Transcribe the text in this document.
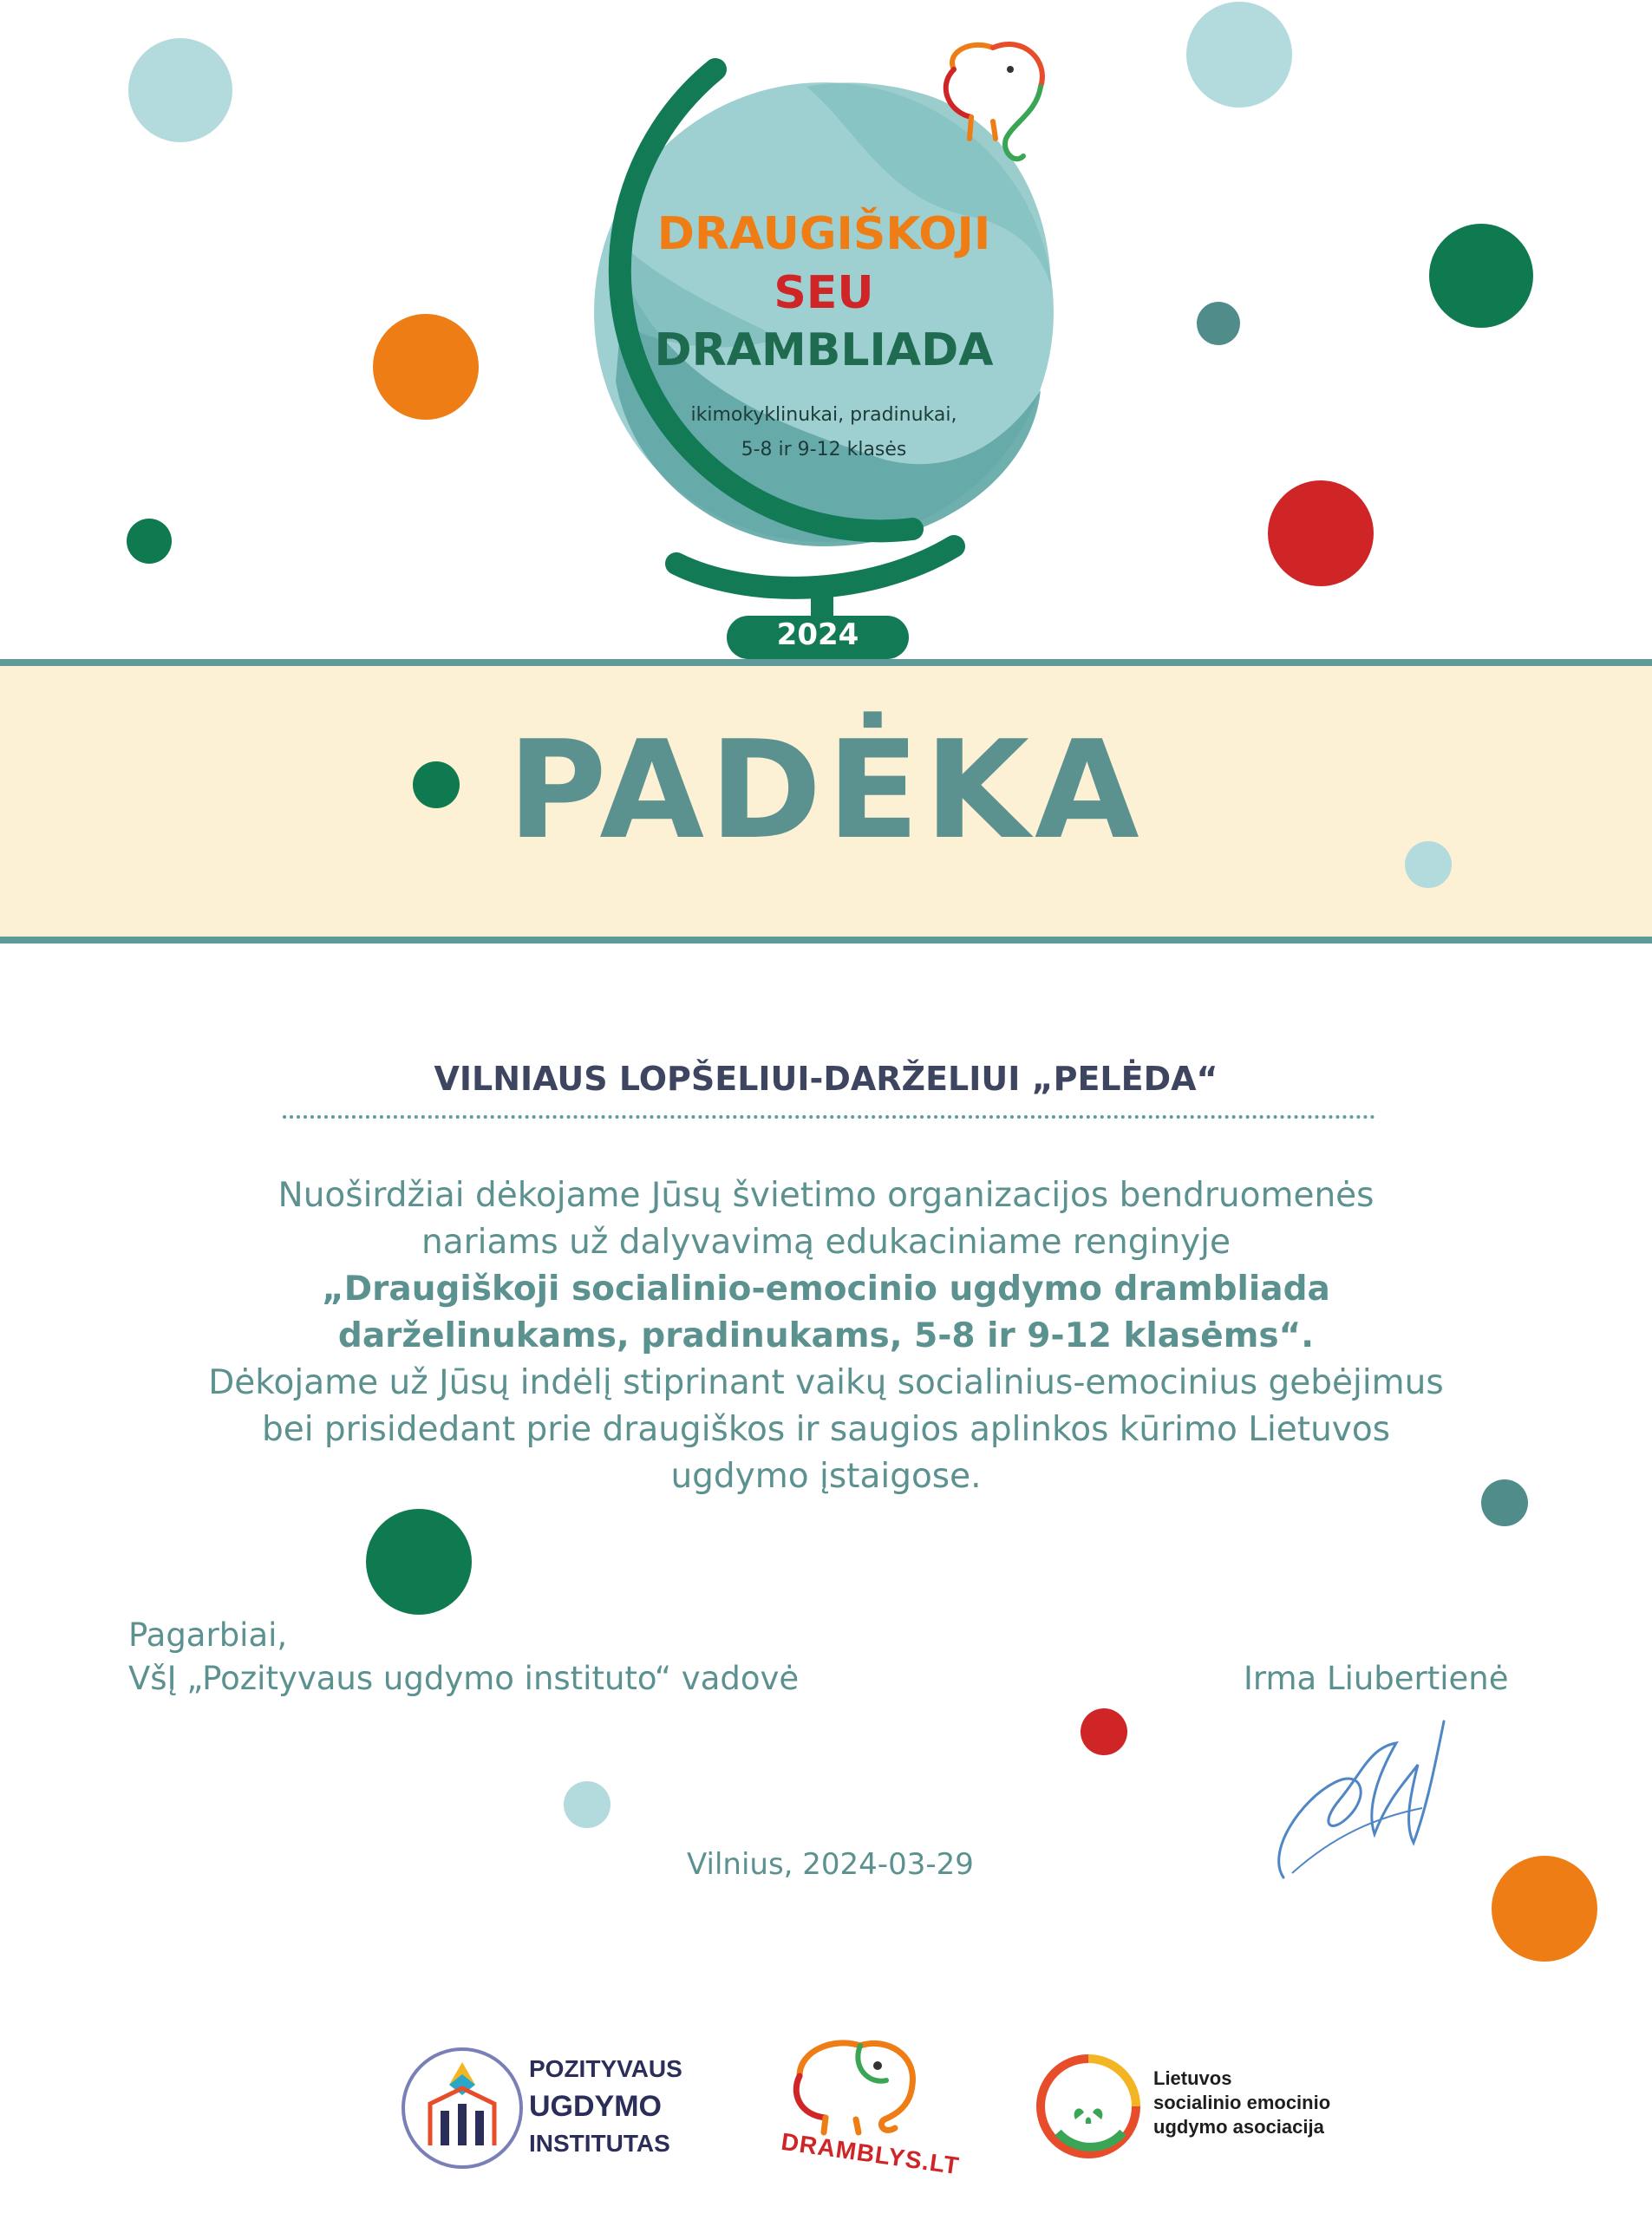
DRAUGIŠKOJI
SEU
DRAMBLIADA
ikimokyklinukai, pradinukai,
5-8 ir 9-12 klasės
2024
PADĖKA
VILNIAUS LOPŠELIUI-DARŽELIUI „PELĖDA“
Nuoširdžiai dėkojame Jūsų švietimo organizacijos bendruomenės
nariams už dalyvavimą edukaciniame renginyje
„Draugiškoji socialinio-emocinio ugdymo drambliada
darželinukams, pradinukams, 5-8 ir 9-12 klasėms“.
Dėkojame už Jūsų indėlį stiprinant vaikų socialinius-emocinius gebėjimus
bei prisidedant prie draugiškos ir saugios aplinkos kūrimo Lietuvos
ugdymo įstaigose.
Pagarbiai,
VšĮ „Pozityvaus ugdymo instituto“ vadovė	Irma Liubertienė
Vilnius, 2024-03-29
POZITYVAUS
UGDYMO
INSTITUTAS	DRAMBLYS.LT
Lietuvos
socialinio emocinio
ugdymo asociacija
